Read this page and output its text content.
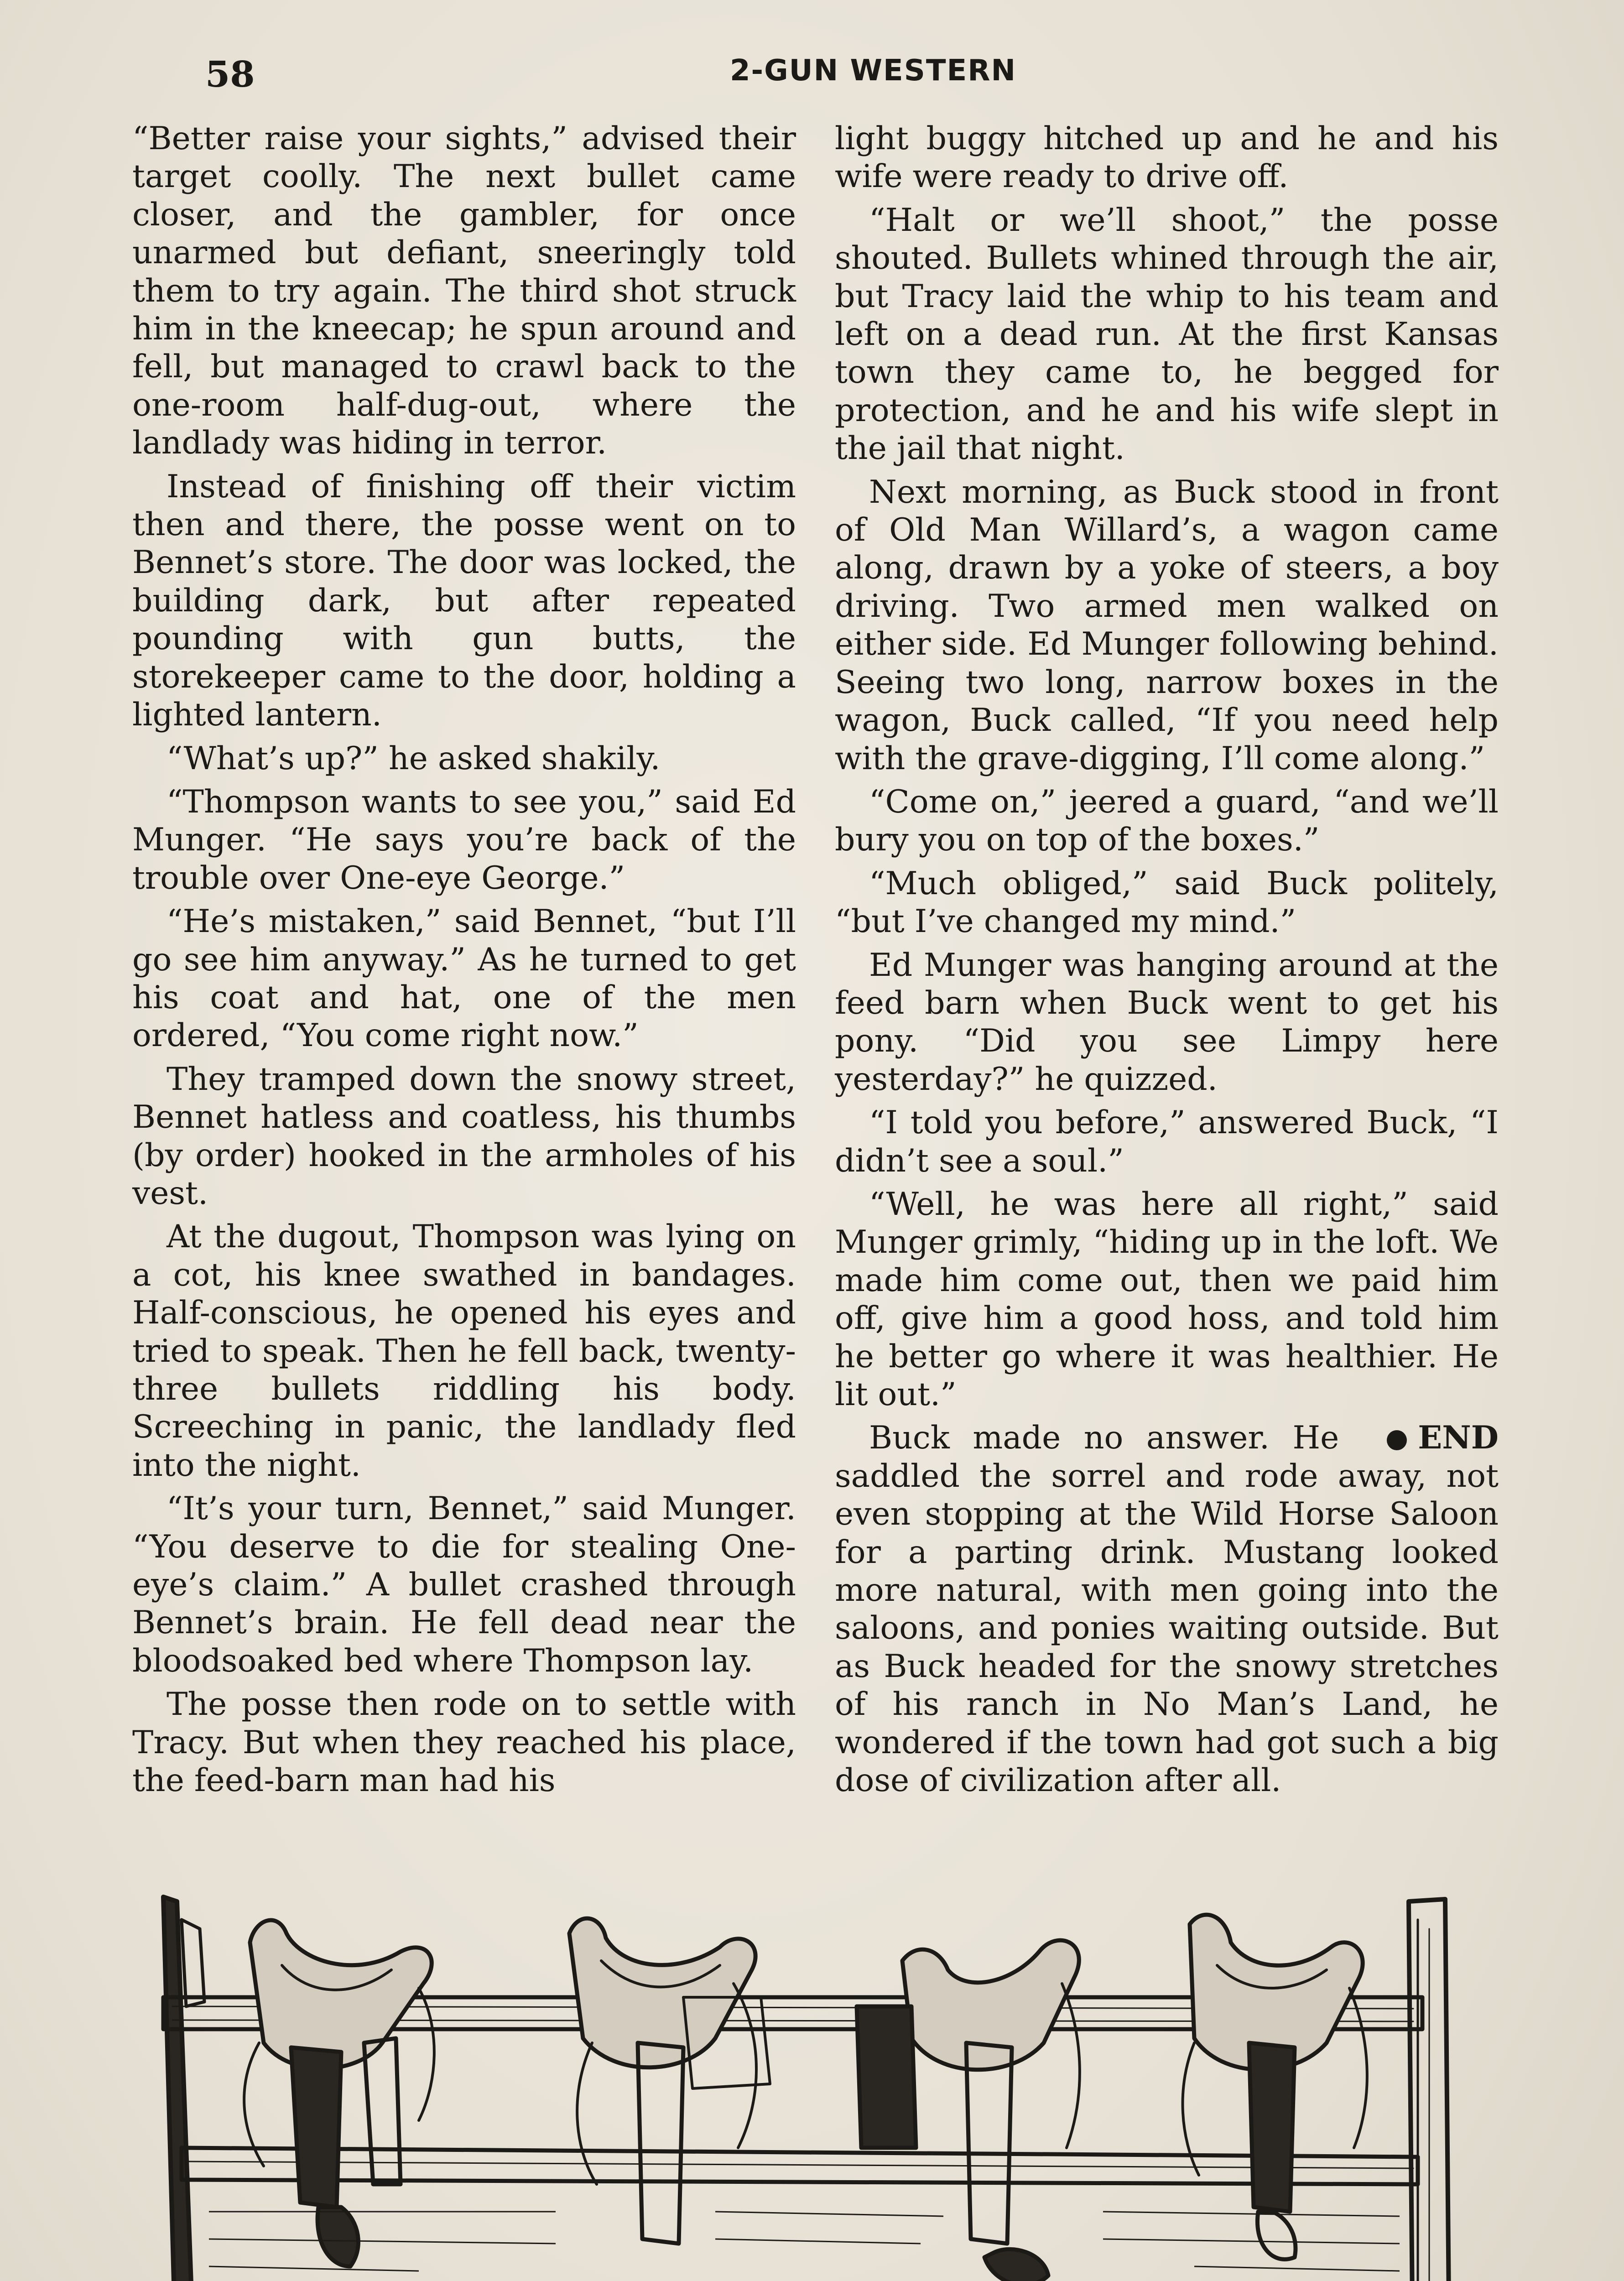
58	2-GUN WESTERN

“Better raise your sights,” advised their target coolly. The next bullet came closer, and the gambler, for once unarmed but defiant, sneeringly told them to try again. The third shot struck him in the kneecap; he spun around and fell, but managed to crawl back to the one-room half-dug-out, where the landlady was hiding in terror.

Instead of finishing off their victim then and there, the posse went on to Bennet’s store. The door was locked, the building dark, but after repeated pounding with gun butts, the storekeeper came to the door, holding a lighted lantern.

“What’s up?” he asked shakily.

“Thompson wants to see you,” said Ed Munger. “He says you’re back of the trouble over One-eye George.”

“He’s mistaken,” said Bennet, “but I’ll go see him anyway.” As he turned to get his coat and hat, one of the men ordered, “You come right now.”

They tramped down the snowy street, Bennet hatless and coatless, his thumbs (by order) hooked in the armholes of his vest.

At the dugout, Thompson was lying on a cot, his knee swathed in bandages. Half-conscious, he opened his eyes and tried to speak. Then he fell back, twenty-three bullets riddling his body. Screeching in panic, the landlady fled into the night.

“It’s your turn, Bennet,” said Munger. “You deserve to die for stealing One-eye’s claim.” A bullet crashed through Bennet’s brain. He fell dead near the bloodsoaked bed where Thompson lay.

The posse then rode on to settle with Tracy. But when they reached his place, the feed-barn man had his

light buggy hitched up and he and his wife were ready to drive off.

“Halt or we’ll shoot,” the posse shouted. Bullets whined through the air, but Tracy laid the whip to his team and left on a dead run. At the first Kansas town they came to, he begged for protection, and he and his wife slept in the jail that night.

Next morning, as Buck stood in front of Old Man Willard’s, a wagon came along, drawn by a yoke of steers, a boy driving. Two armed men walked on either side. Ed Munger following behind. Seeing two long, narrow boxes in the wagon, Buck called, “If you need help with the grave-digging, I’ll come along.”

“Come on,” jeered a guard, “and we’ll bury you on top of the boxes.”

“Much obliged,” said Buck politely, “but I’ve changed my mind.”

Ed Munger was hanging around at the feed barn when Buck went to get his pony. “Did you see Limpy here yesterday?” he quizzed.

“I told you before,” answered Buck, “I didn’t see a soul.”

“Well, he was here all right,” said Munger grimly, “hiding up in the loft. We made him come out, then we paid him off, give him a good hoss, and told him he better go where it was healthier. He lit out.”

END
Buck made no answer. He saddled the sorrel and rode away, not even stopping at the Wild Horse Saloon for a parting drink. Mustang looked more natural, with men going into the saloons, and ponies waiting outside. But as Buck headed for the snowy stretches of his ranch in No Man’s Land, he wondered if the town had got such a big dose of civilization after all.
